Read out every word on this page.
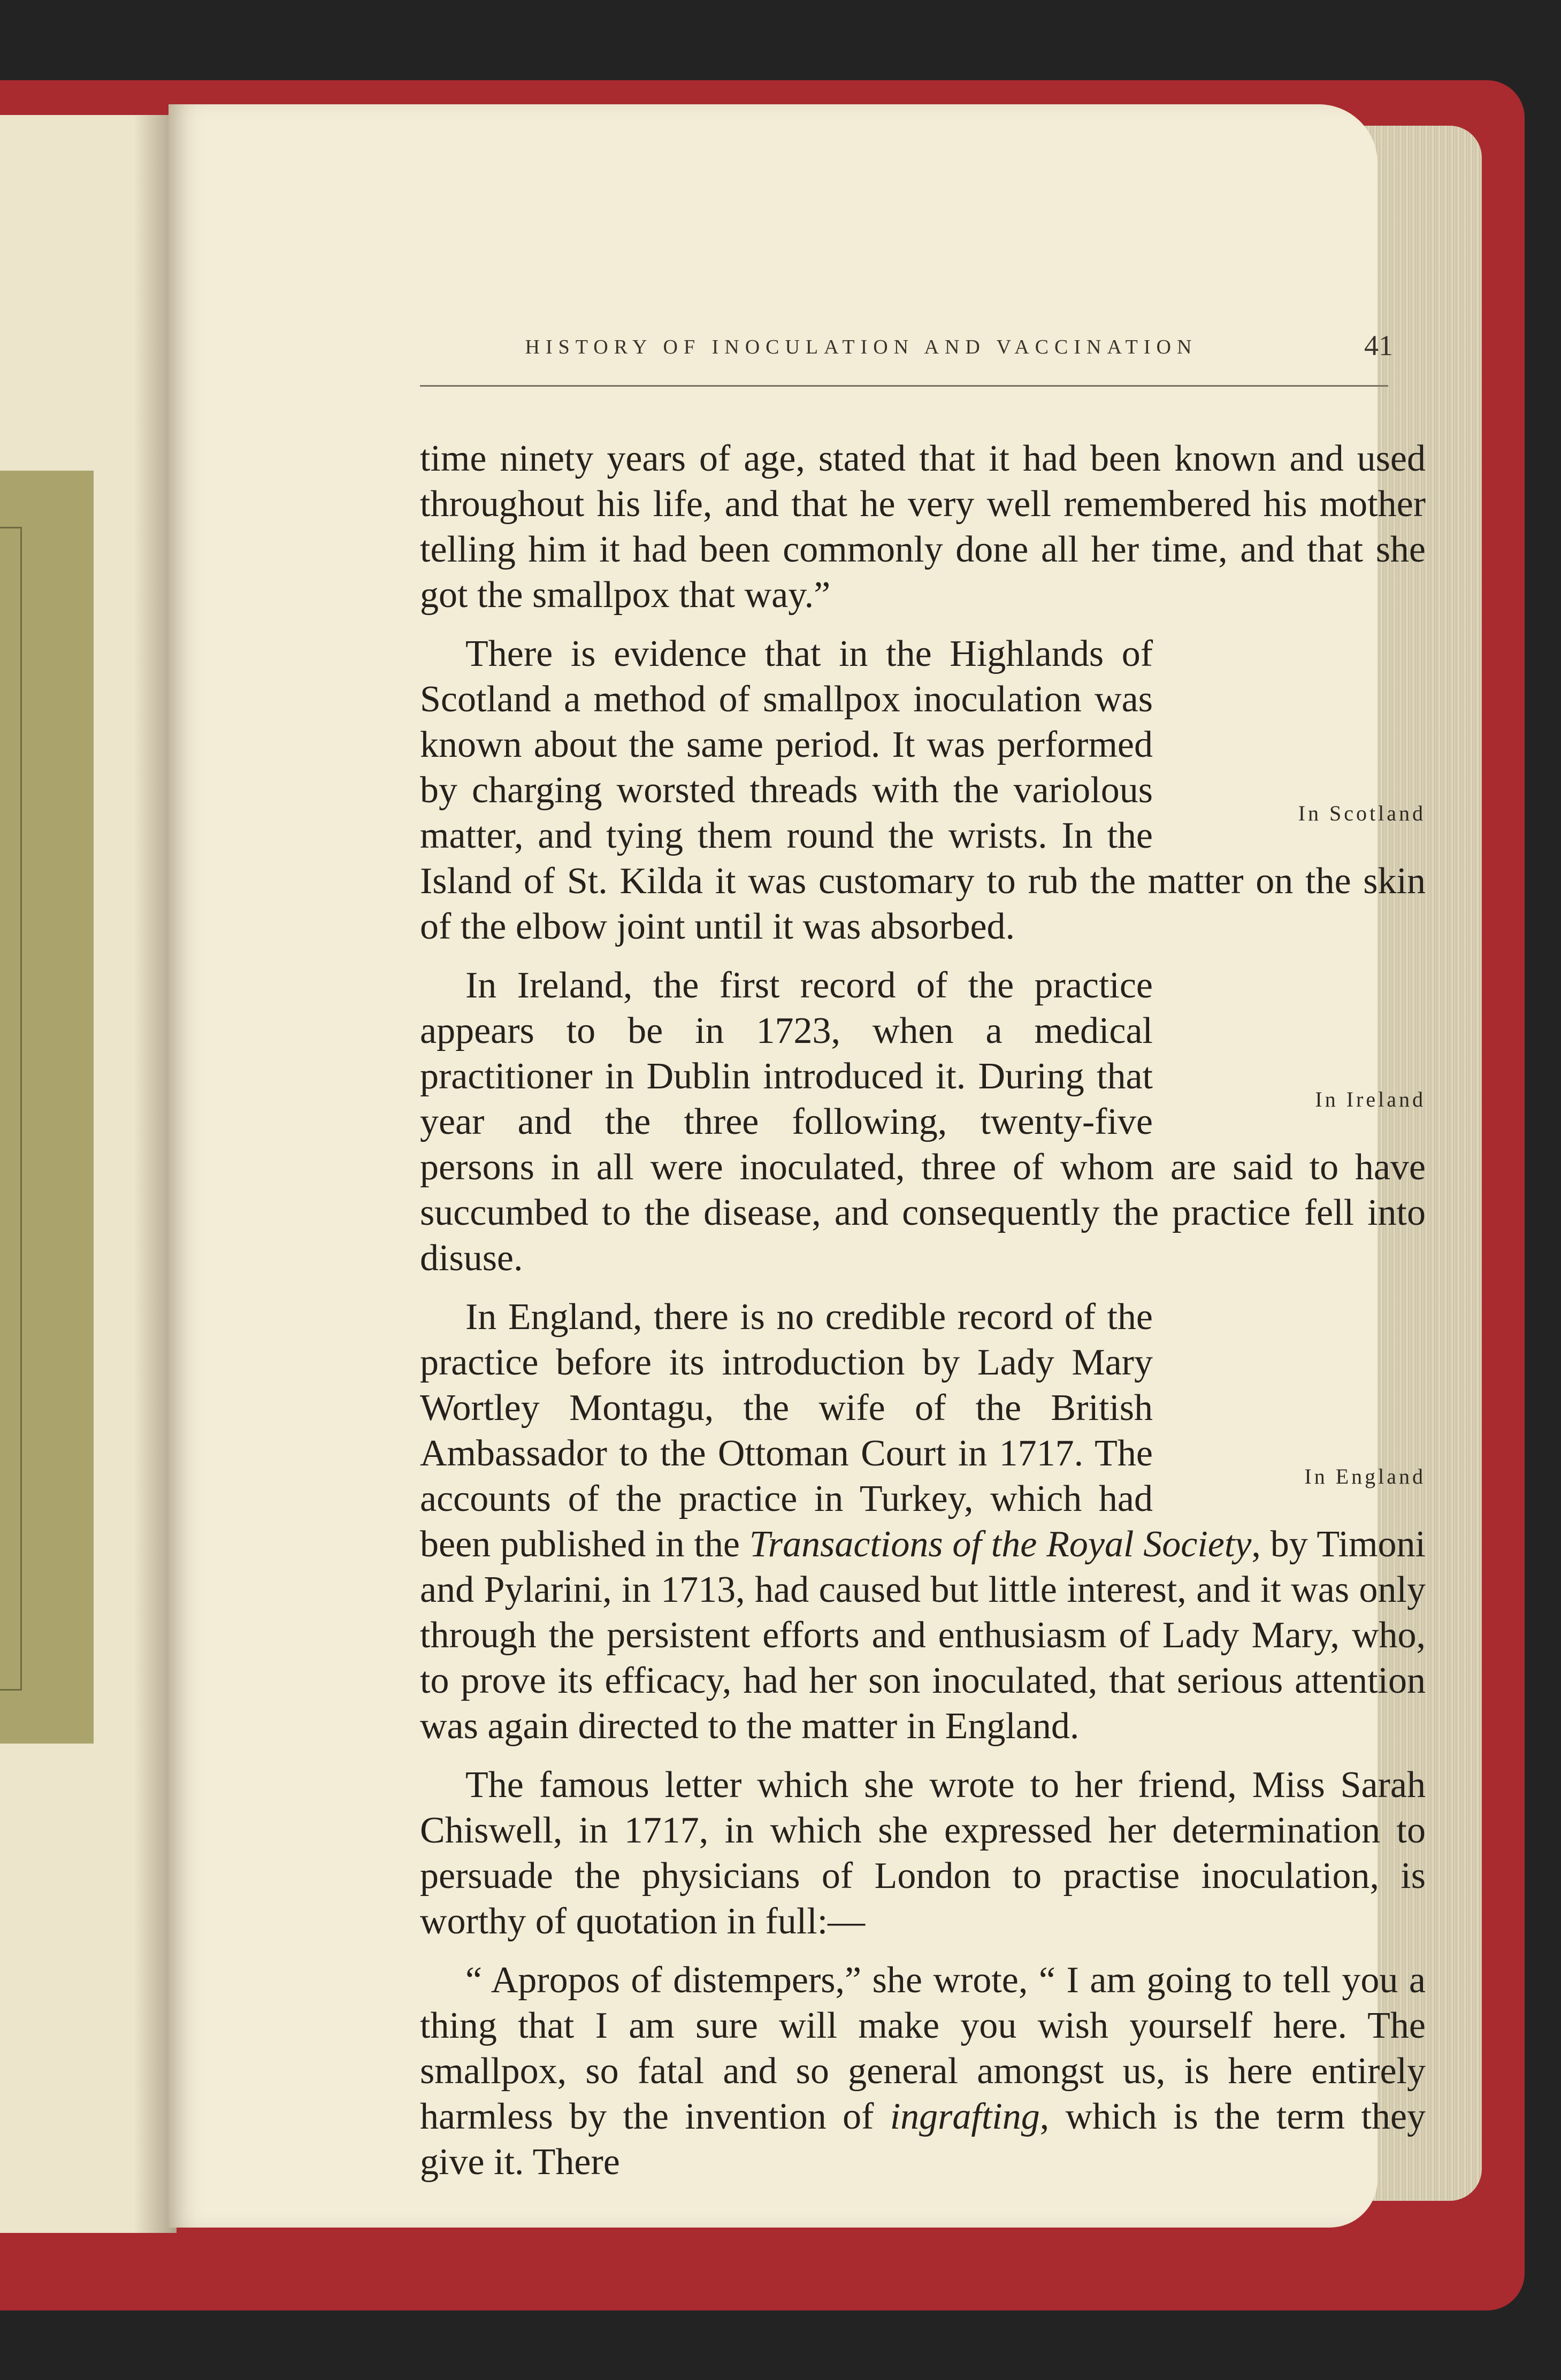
HISTORY OF INOCULATION AND VACCINATION	41

time ninety years of age, stated that it had been known and used throughout his life, and that he very well remembered his mother telling him it had been commonly done all her time, and that she got the smallpox that way.”

In Scotland

There is evidence that in the Highlands of Scotland a method of smallpox inoculation was known about the same period. It was performed by charging worsted threads with the variolous matter, and tying them round the wrists. In the Island of St. Kilda it was customary to rub the matter on the skin of the elbow joint until it was absorbed.

In Ireland

In Ireland, the first record of the practice appears to be in 1723, when a medical practitioner in Dublin introduced it. During that year and the three following, twenty-five persons in all were inoculated, three of whom are said to have succumbed to the disease, and consequently the practice fell into disuse.

In England

In England, there is no credible record of the practice before its introduction by Lady Mary Wortley Montagu, the wife of the British Ambassador to the Ottoman Court in 1717. The accounts of the practice in Turkey, which had been published in the Transactions of the Royal Society, by Timoni and Pylarini, in 1713, had caused but little interest, and it was only through the persistent efforts and enthusiasm of Lady Mary, who, to prove its efficacy, had her son inoculated, that serious attention was again directed to the matter in England.

The famous letter which she wrote to her friend, Miss Sarah Chiswell, in 1717, in which she expressed her determination to persuade the physicians of London to practise inoculation, is worthy of quotation in full:—

“ Apropos of distempers,” she wrote, “ I am going to tell you a thing that I am sure will make you wish yourself here. The smallpox, so fatal and so general amongst us, is here entirely harmless by the invention of ingrafting, which is the term they give it. There
